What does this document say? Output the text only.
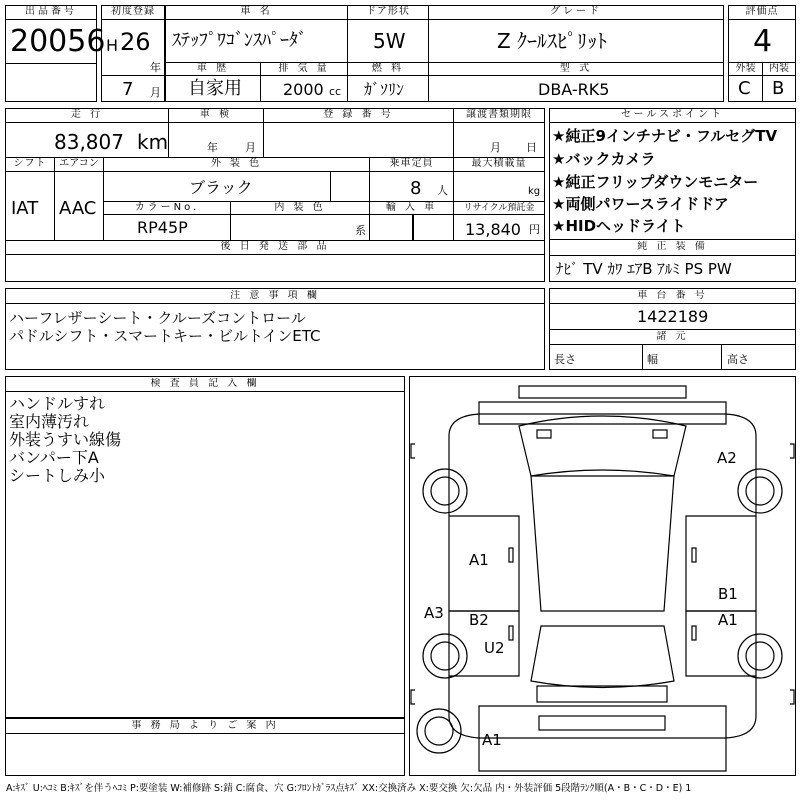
出品番号
20056
初度登録
H 26
年
7 月
車 名
ｽﾃｯﾌﾟﾜｺﾞﾝｽﾊﾟｰﾀﾞ
ドア形状
5W
グレード
Z ｸｰﾙｽﾋﾟﾘｯﾄ
評価点
4
車 歴
自家用
排 気 量
2000 cc
燃 料
ｶﾞｿﾘﾝ
型 式
DBA-RK5
外装
C
内装
B
走 行
83,807 km
車 検
年 月
登 録 番 号	譲渡書類期限
月 日
セールスポイント
★純正9インチナビ・フルセグTV
★バックカメラ
★純正フリップダウンモニター
★両側パワースライドドア
★HIDヘッドライト
シフト
IAT
エアコン
AAC
外 装 色
ブラック
乗車定員
8 人
最大積載量
kg
カラーNo.
RP45P
内 装 色
系
輸 入 車	リサイクル預託金
13,840 円
後 日 発 送 部 品	純 正 装 備
ﾅﾋﾞ TV ｶﾜ ｴｱB ｱﾙﾐ PS PW
注 意 事 項 欄
ハーフレザーシート・クルーズコントロール
パドルシフト・スマートキー・ビルトインETC
車 台 番 号
1422189
諸 元
長さ	幅	高さ
検 査 員 記 入 欄
ハンドルすれ
室内薄汚れ
外装うすい線傷
バンパー下A
シートしみ小
事 務 局 よ り ご 案 内
A2
A1
B1
A1
A3 B2
U2
A1
A:ｷｽﾞ U:ﾍｺﾐ B:ｷｽﾞを伴うﾍｺﾐ P:要塗装 W:補修跡 S:錆 C:腐食、穴 G:ﾌﾛﾝﾄｶﾞﾗｽ点ｷｽﾞ XX:交換済み X:要交換 欠:欠品 内・外装評価 5段階ﾗﾝｸ順(A・B・C・D・E) 1
